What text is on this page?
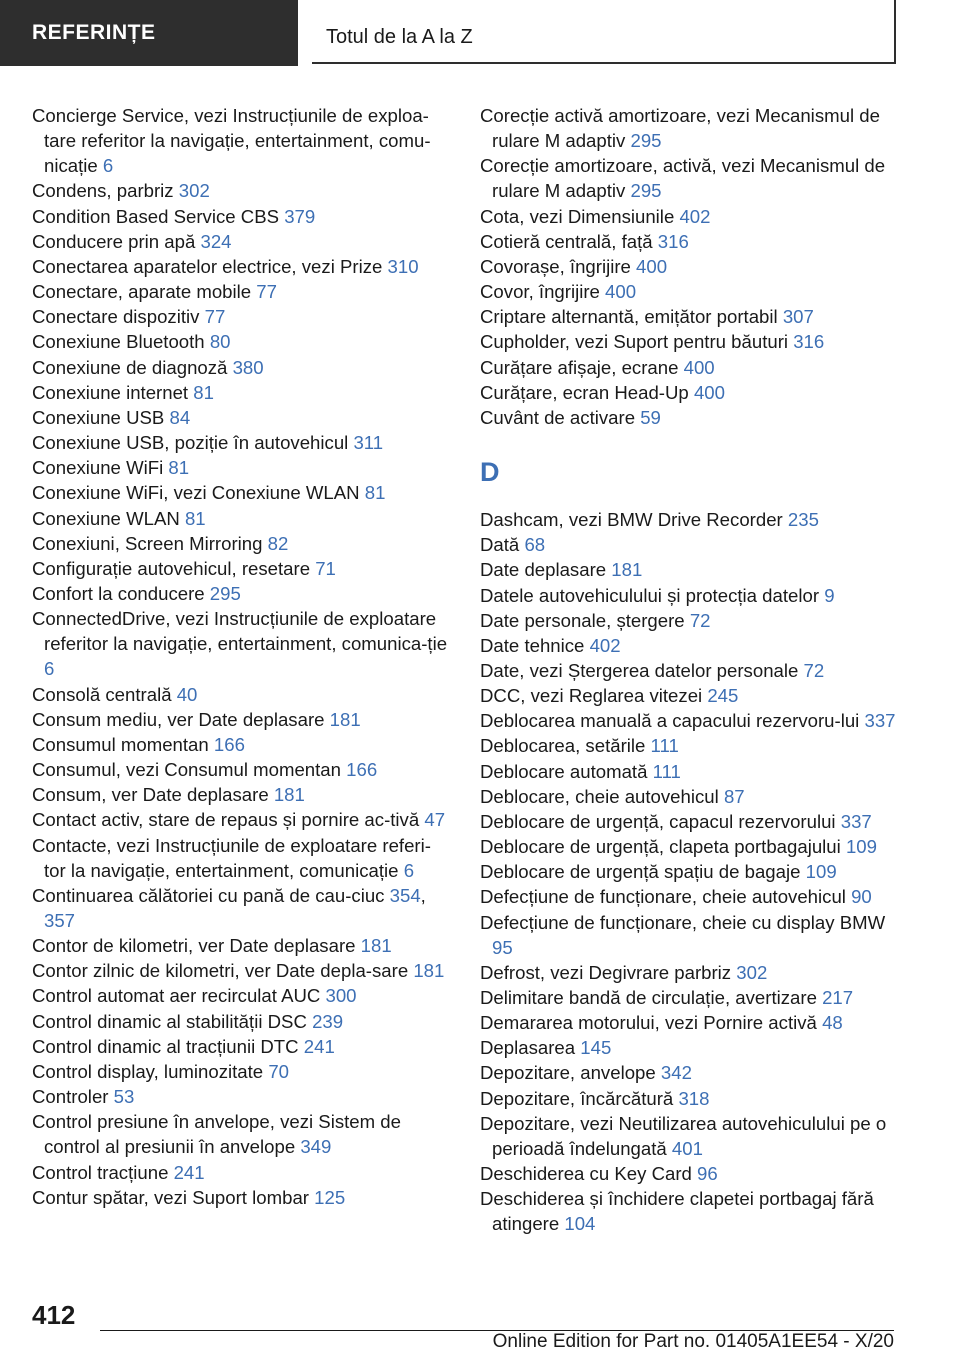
REFERINȚE	Totul de la A la Z
Concierge Service, vezi Instrucțiunile de exploa-tare referitor la navigație, entertainment, comu-nicație 6
Condens, parbriz 302
Condition Based Service CBS 379
Conducere prin apă 324
Conectarea aparatelor electrice, vezi Prize 310
Conectare, aparate mobile 77
Conectare dispozitiv 77
Conexiune Bluetooth 80
Conexiune de diagnoză 380
Conexiune internet 81
Conexiune USB 84
Conexiune USB, poziție în autovehicul 311
Conexiune WiFi 81
Conexiune WiFi, vezi Conexiune WLAN 81
Conexiune WLAN 81
Conexiuni, Screen Mirroring 82
Configurație autovehicul, resetare 71
Confort la conducere 295
ConnectedDrive, vezi Instrucțiunile de exploatare referitor la navigație, entertainment, comunica-ție 6
Consolă centrală 40
Consum mediu, ver Date deplasare 181
Consumul momentan 166
Consumul, vezi Consumul momentan 166
Consum, ver Date deplasare 181
Contact activ, stare de repaus și pornire ac-tivă 47
Contacte, vezi Instrucțiunile de exploatare referi-tor la navigație, entertainment, comunicație 6
Continuarea călătoriei cu pană de cau-ciuc 354, 357
Contor de kilometri, ver Date deplasare 181
Contor zilnic de kilometri, ver Date depla-sare 181
Control automat aer recirculat AUC 300
Control dinamic al stabilității DSC 239
Control dinamic al tracțiunii DTC 241
Control display, luminozitate 70
Controler 53
Control presiune în anvelope, vezi Sistem de control al presiunii în anvelope 349
Control tracțiune 241
Contur spătar, vezi Suport lombar 125
Corecție activă amortizoare, vezi Mecanismul de rulare M adaptiv 295
Corecție amortizoare, activă, vezi Mecanismul de rulare M adaptiv 295
Cota, vezi Dimensiunile 402
Cotieră centrală, față 316
Covorașe, îngrijire 400
Covor, îngrijire 400
Criptare alternantă, emițător portabil 307
Cupholder, vezi Suport pentru băuturi 316
Curățare afișaje, ecrane 400
Curățare, ecran Head-Up 400
Cuvânt de activare 59
D
Dashcam, vezi BMW Drive Recorder 235
Dată 68
Date deplasare 181
Datele autovehiculului și protecția datelor 9
Date personale, ștergere 72
Date tehnice 402
Date, vezi Ștergerea datelor personale 72
DCC, vezi Reglarea vitezei 245
Deblocarea manuală a capacului rezervoru-lui 337
Deblocarea, setările 111
Deblocare automată 111
Deblocare, cheie autovehicul 87
Deblocare de urgență, capacul rezervorului 337
Deblocare de urgență, clapeta portbagajului 109
Deblocare de urgență spațiu de bagaje 109
Defecțiune de funcționare, cheie autovehicul 90
Defecțiune de funcționare, cheie cu display BMW 95
Defrost, vezi Degivrare parbriz 302
Delimitare bandă de circulație, avertizare 217
Demararea motorului, vezi Pornire activă 48
Deplasarea 145
Depozitare, anvelope 342
Depozitare, încărcătură 318
Depozitare, vezi Neutilizarea autovehiculului pe o perioadă îndelungată 401
Deschiderea cu Key Card 96
Deschiderea și închidere clapetei portbagaj fără atingere 104
412
Online Edition for Part no. 01405A1EE54 - X/20
